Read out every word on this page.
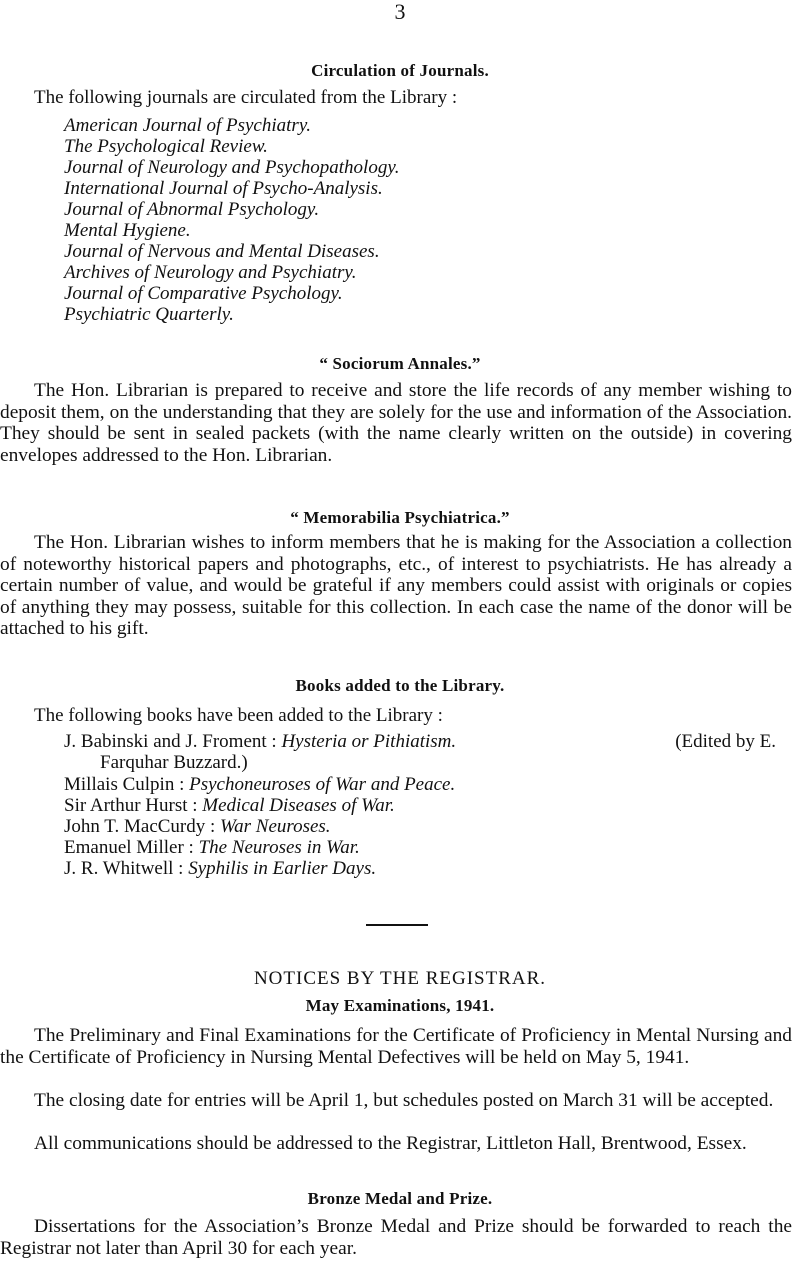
3
Circulation of Journals.
The following journals are circulated from the Library :
American Journal of Psychiatry.
The Psychological Review.
Journal of Neurology and Psychopathology.
International Journal of Psycho-Analysis.
Journal of Abnormal Psychology.
Mental Hygiene.
Journal of Nervous and Mental Diseases.
Archives of Neurology and Psychiatry.
Journal of Comparative Psychology.
Psychiatric Quarterly.
“ Sociorum Annales.”
The Hon. Librarian is prepared to receive and store the life records of any member wishing to deposit them, on the understanding that they are solely for the use and information of the Association. They should be sent in sealed packets (with the name clearly written on the outside) in covering envelopes addressed to the Hon. Librarian.
“ Memorabilia Psychiatrica.”
The Hon. Librarian wishes to inform members that he is making for the Association a collection of noteworthy historical papers and photographs, etc., of interest to psychiatrists. He has already a certain number of value, and would be grateful if any members could assist with originals or copies of anything they may possess, suitable for this collection. In each case the name of the donor will be attached to his gift.
Books added to the Library.
The following books have been added to the Library :
J. Babinski and J. Froment : Hysteria or Pithiatism.	(Edited by E.
Farquhar Buzzard.)
Millais Culpin : Psychoneuroses of War and Peace.
Sir Arthur Hurst : Medical Diseases of War.
John T. MacCurdy : War Neuroses.
Emanuel Miller : The Neuroses in War.
J. R. Whitwell : Syphilis in Earlier Days.
NOTICES BY THE REGISTRAR.
May Examinations, 1941.
The Preliminary and Final Examinations for the Certificate of Proficiency in Mental Nursing and the Certificate of Proficiency in Nursing Mental Defectives will be held on May 5, 1941.
The closing date for entries will be April 1, but schedules posted on March 31 will be accepted.
All communications should be addressed to the Registrar, Littleton Hall, Brentwood, Essex.
Bronze Medal and Prize.
Dissertations for the Association’s Bronze Medal and Prize should be forwarded to reach the Registrar not later than April 30 for each year.
